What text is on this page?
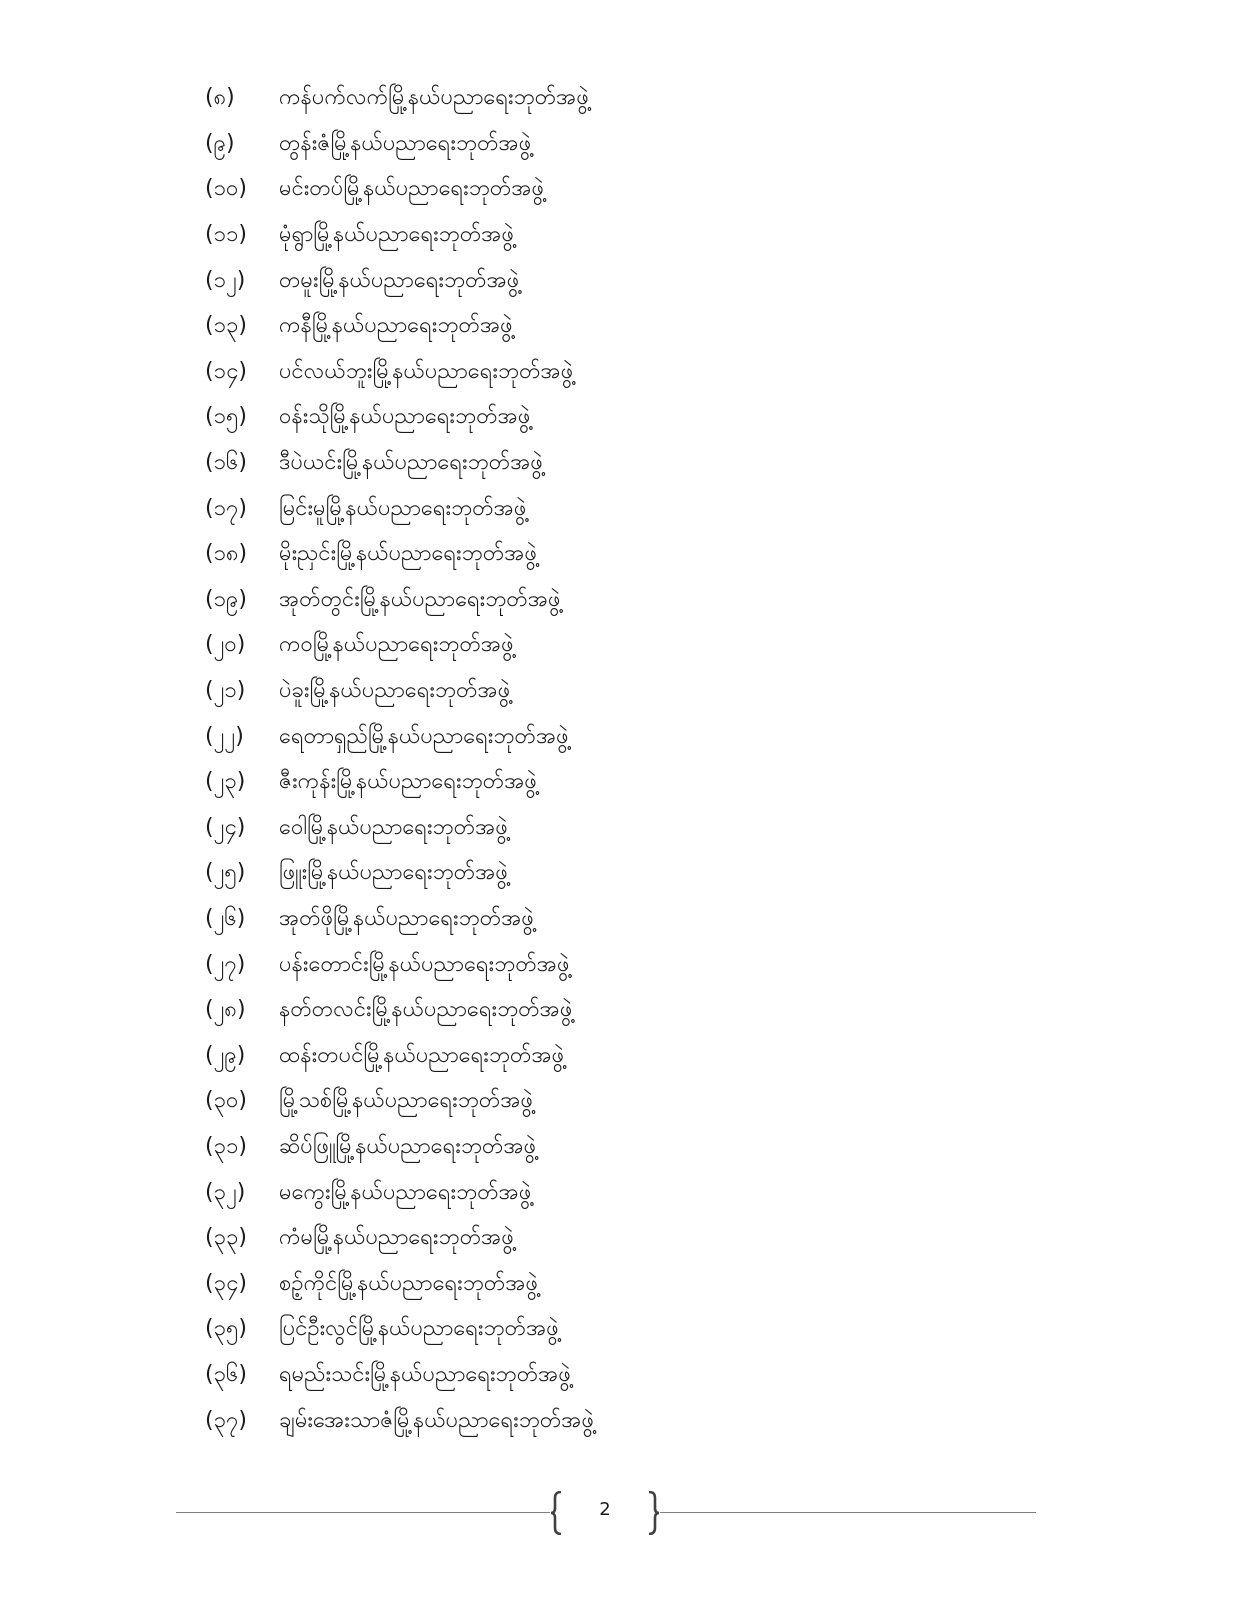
(၈)	ကန်ပက်လက်မြို့နယ်ပညာရေးဘုတ်အဖွဲ့
(၉)	တွန်းဇံမြို့နယ်ပညာရေးဘုတ်အဖွဲ့
(၁၀)	မင်းတပ်မြို့နယ်ပညာရေးဘုတ်အဖွဲ့
(၁၁)	မုံရွာမြို့နယ်ပညာရေးဘုတ်အဖွဲ့
(၁၂)	တမူးမြို့နယ်ပညာရေးဘုတ်အဖွဲ့
(၁၃)	ကနီမြို့နယ်ပညာရေးဘုတ်အဖွဲ့
(၁၄)	ပင်လယ်ဘူးမြို့နယ်ပညာရေးဘုတ်အဖွဲ့
(၁၅)	ဝန်းသိုမြို့နယ်ပညာရေးဘုတ်အဖွဲ့
(၁၆)	ဒီပဲယင်းမြို့နယ်ပညာရေးဘုတ်အဖွဲ့
(၁၇)	မြင်းမူမြို့နယ်ပညာရေးဘုတ်အဖွဲ့
(၁၈)	မိုးညှင်းမြို့နယ်ပညာရေးဘုတ်အဖွဲ့
(၁၉)	အုတ်တွင်းမြို့နယ်ပညာရေးဘုတ်အဖွဲ့
(၂၀)	ကဝမြို့နယ်ပညာရေးဘုတ်အဖွဲ့
(၂၁)	ပဲခူးမြို့နယ်ပညာရေးဘုတ်အဖွဲ့
(၂၂)	ရေတာရှည်မြို့နယ်ပညာရေးဘုတ်အဖွဲ့
(၂၃)	ဇီးကုန်းမြို့နယ်ပညာရေးဘုတ်အဖွဲ့
(၂၄)	ဝေါမြို့နယ်ပညာရေးဘုတ်အဖွဲ့
(၂၅)	ဖြူးမြို့နယ်ပညာရေးဘုတ်အဖွဲ့
(၂၆)	အုတ်ဖိုမြို့နယ်ပညာရေးဘုတ်အဖွဲ့
(၂၇)	ပန်းတောင်းမြို့နယ်ပညာရေးဘုတ်အဖွဲ့
(၂၈)	နတ်တလင်းမြို့နယ်ပညာရေးဘုတ်အဖွဲ့
(၂၉)	ထန်းတပင်မြို့နယ်ပညာရေးဘုတ်အဖွဲ့
(၃၀)	မြို့သစ်မြို့နယ်ပညာရေးဘုတ်အဖွဲ့
(၃၁)	ဆိပ်ဖြူမြို့နယ်ပညာရေးဘုတ်အဖွဲ့
(၃၂)	မကွေးမြို့နယ်ပညာရေးဘုတ်အဖွဲ့
(၃၃)	ကံမမြို့နယ်ပညာရေးဘုတ်အဖွဲ့
(၃၄)	စဉ့်ကိုင်မြို့နယ်ပညာရေးဘုတ်အဖွဲ့
(၃၅)	ပြင်ဦးလွင်မြို့နယ်ပညာရေးဘုတ်အဖွဲ့
(၃၆)	ရမည်းသင်းမြို့နယ်ပညာရေးဘုတ်အဖွဲ့
(၃၇)	ချမ်းအေးသာဇံမြို့နယ်ပညာရေးဘုတ်အဖွဲ့
2
